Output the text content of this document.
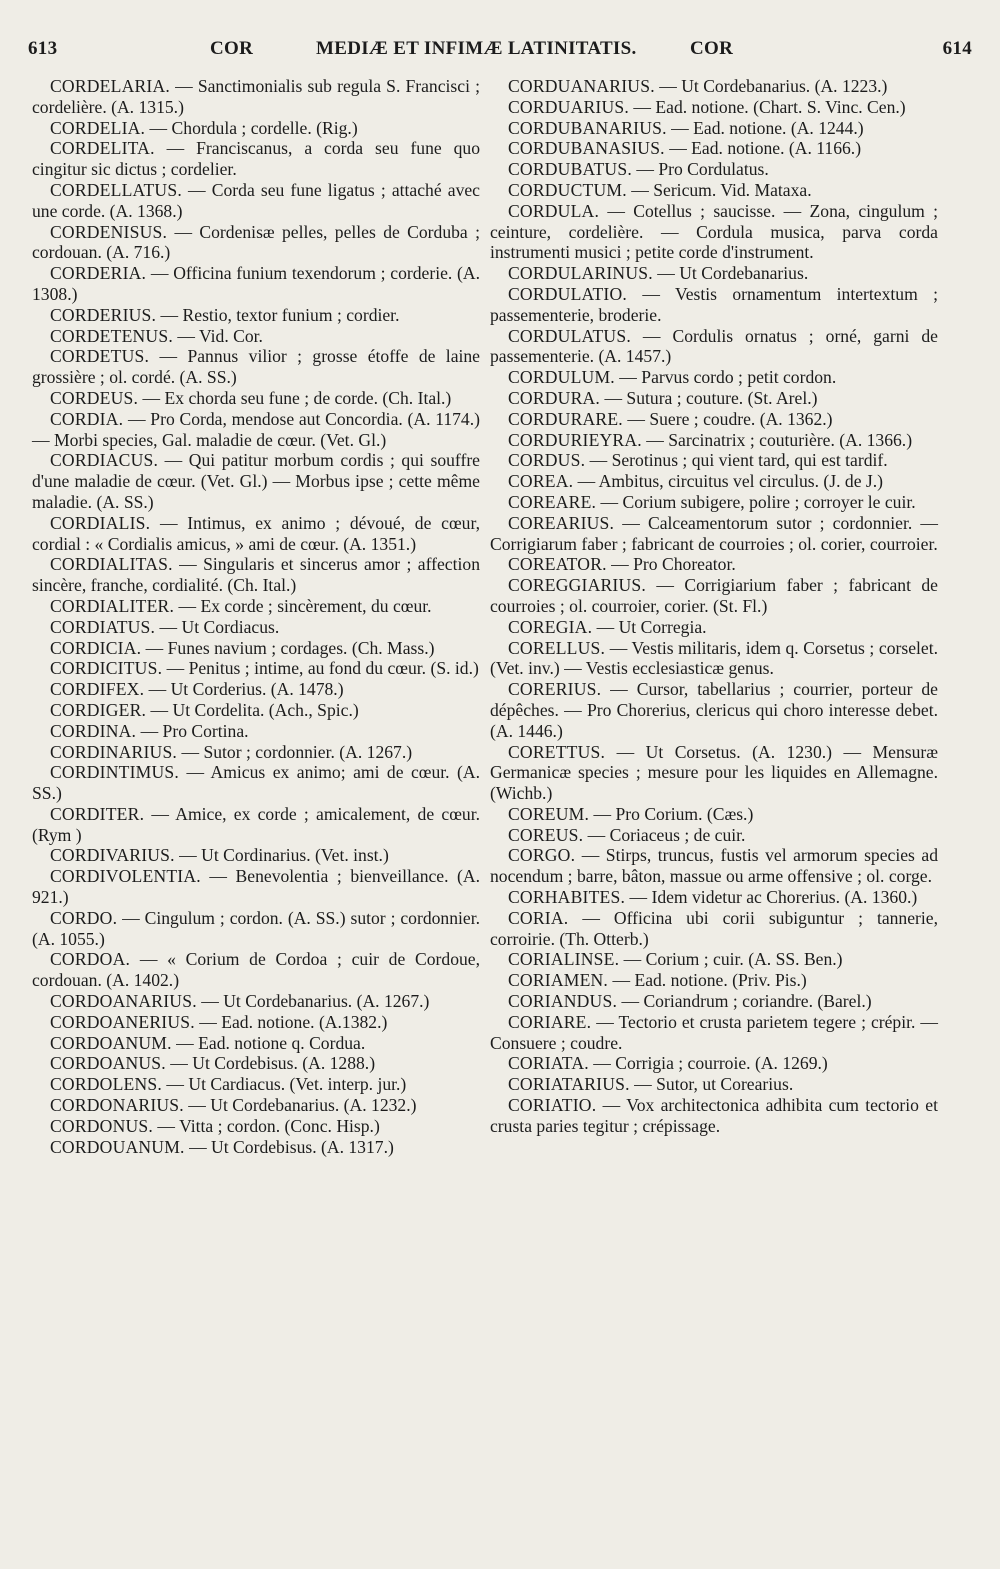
613	COR	MEDIÆ ET INFIMÆ LATINITATIS.	COR	614

CORDELARIA. — Sanctimonialis sub regula S. Francisci ; cordelière. (A. 1315.)

CORDELIA. — Chordula ; cordelle. (Rig.)

CORDELITA. — Franciscanus, a corda seu fune quo cingitur sic dictus ; cordelier.

CORDELLATUS. — Corda seu fune ligatus ; attaché avec une corde. (A. 1368.)

CORDENISUS. — Cordenisæ pelles, pelles de Corduba ; cordouan. (A. 716.)

CORDERIA. — Officina funium texendorum ; corderie. (A. 1308.)

CORDERIUS. — Restio, textor funium ; cordier.

CORDETENUS. — Vid. Cor.

CORDETUS. — Pannus vilior ; grosse étoffe de laine grossière ; ol. cordé. (A. SS.)

CORDEUS. — Ex chorda seu fune ; de corde. (Ch. Ital.)

CORDIA. — Pro Corda, mendose aut Concordia. (A. 1174.) — Morbi species, Gal. maladie de cœur. (Vet. Gl.)

CORDIACUS. — Qui patitur morbum cordis ; qui souffre d'une maladie de cœur. (Vet. Gl.) — Morbus ipse ; cette même maladie. (A. SS.)

CORDIALIS. — Intimus, ex animo ; dévoué, de cœur, cordial : « Cordialis amicus, » ami de cœur. (A. 1351.)

CORDIALITAS. — Singularis et sincerus amor ; affection sincère, franche, cordialité. (Ch. Ital.)

CORDIALITER. — Ex corde ; sincèrement, du cœur.

CORDIATUS. — Ut Cordiacus.

CORDICIA. — Funes navium ; cordages. (Ch. Mass.)

CORDICITUS. — Penitus ; intime, au fond du cœur. (S. id.)

CORDIFEX. — Ut Corderius. (A. 1478.)

CORDIGER. — Ut Cordelita. (Ach., Spic.)

CORDINA. — Pro Cortina.

CORDINARIUS. — Sutor ; cordonnier. (A. 1267.)

CORDINTIMUS. — Amicus ex animo; ami de cœur. (A. SS.)

CORDITER. — Amice, ex corde ; amicalement, de cœur. (Rym )

CORDIVARIUS. — Ut Cordinarius. (Vet. inst.)

CORDIVOLENTIA. — Benevolentia ; bienveillance. (A. 921.)

CORDO. — Cingulum ; cordon. (A. SS.) sutor ; cordonnier. (A. 1055.)

CORDOA. — « Corium de Cordoa ; cuir de Cordoue, cordouan. (A. 1402.)

CORDOANARIUS. — Ut Cordebanarius. (A. 1267.)

CORDOANERIUS. — Ead. notione. (A.1382.)

CORDOANUM. — Ead. notione q. Cordua.

CORDOANUS. — Ut Cordebisus. (A. 1288.)

CORDOLENS. — Ut Cardiacus. (Vet. interp. jur.)

CORDONARIUS. — Ut Cordebanarius. (A. 1232.)

CORDONUS. — Vitta ; cordon. (Conc. Hisp.)

CORDOUANUM. — Ut Cordebisus. (A. 1317.)

CORDUANARIUS. — Ut Cordebanarius. (A. 1223.)

CORDUARIUS. — Ead. notione. (Chart. S. Vinc. Cen.)

CORDUBANARIUS. — Ead. notione. (A. 1244.)

CORDUBANASIUS. — Ead. notione. (A. 1166.)

CORDUBATUS. — Pro Cordulatus.

CORDUCTUM. — Sericum. Vid. Mataxa.

CORDULA. — Cotellus ; saucisse. — Zona, cingulum ; ceinture, cordelière. — Cordula musica, parva corda instrumenti musici ; petite corde d'instrument.

CORDULARINUS. — Ut Cordebanarius.

CORDULATIO. — Vestis ornamentum intertextum ; passementerie, broderie.

CORDULATUS. — Cordulis ornatus ; orné, garni de passementerie. (A. 1457.)

CORDULUM. — Parvus cordo ; petit cordon.

CORDURA. — Sutura ; couture. (St. Arel.)

CORDURARE. — Suere ; coudre. (A. 1362.)

CORDURIEYRA. — Sarcinatrix ; couturière. (A. 1366.)

CORDUS. — Serotinus ; qui vient tard, qui est tardif.

COREA. — Ambitus, circuitus vel circulus. (J. de J.)

COREARE. — Corium subigere, polire ; corroyer le cuir.

COREARIUS. — Calceamentorum sutor ; cordonnier. — Corrigiarum faber ; fabricant de courroies ; ol. corier, courroier.

COREATOR. — Pro Choreator.

COREGGIARIUS. — Corrigiarium faber ; fabricant de courroies ; ol. courroier, corier. (St. Fl.)

COREGIA. — Ut Corregia.

CORELLUS. — Vestis militaris, idem q. Corsetus ; corselet. (Vet. inv.) — Vestis ecclesiasticæ genus.

CORERIUS. — Cursor, tabellarius ; courrier, porteur de dépêches. — Pro Chorerius, clericus qui choro interesse debet. (A. 1446.)

CORETTUS. — Ut Corsetus. (A. 1230.) — Mensuræ Germanicæ species ; mesure pour les liquides en Allemagne. (Wichb.)

COREUM. — Pro Corium. (Cæs.)

COREUS. — Coriaceus ; de cuir.

CORGO. — Stirps, truncus, fustis vel armorum species ad nocendum ; barre, bâton, massue ou arme offensive ; ol. corge.

CORHABITES. — Idem videtur ac Chorerius. (A. 1360.)

CORIA. — Officina ubi corii subiguntur ; tannerie, corroirie. (Th. Otterb.)

CORIALINSE. — Corium ; cuir. (A. SS. Ben.)

CORIAMEN. — Ead. notione. (Priv. Pis.)

CORIANDUS. — Coriandrum ; coriandre. (Barel.)

CORIARE. — Tectorio et crusta parietem tegere ; crépir. — Consuere ; coudre.

CORIATA. — Corrigia ; courroie. (A. 1269.)

CORIATARIUS. — Sutor, ut Corearius.

CORIATIO. — Vox architectonica adhibita cum tectorio et crusta paries tegitur ; crépissage.
